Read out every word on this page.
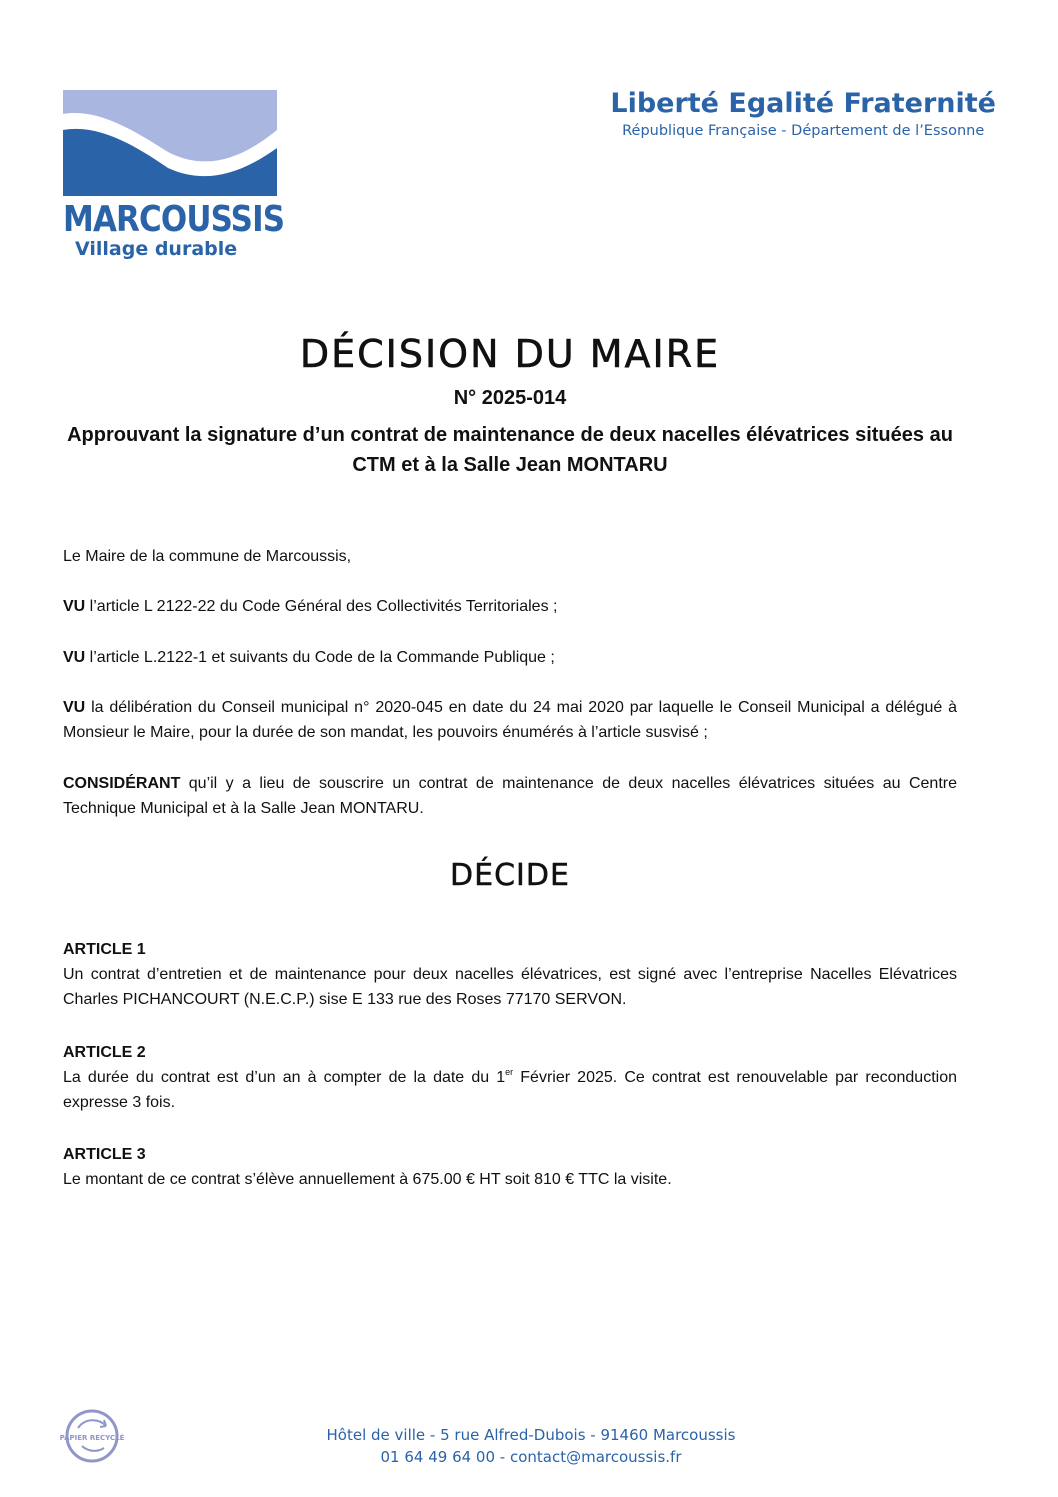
MARCOUSSIS
Village durable
Liberté Egalité Fraternité
République Française - Département de l’Essonne
DÉCISION DU MAIRE
N° 2025-014
Approuvant la signature d’un contrat de maintenance de deux nacelles élévatrices situées au CTM et à la Salle Jean MONTARU
Le Maire de la commune de Marcoussis,
VU l’article L 2122-22 du Code Général des Collectivités Territoriales ;
VU l’article L.2122-1 et suivants du Code de la Commande Publique ;
VU la délibération du Conseil municipal n° 2020-045 en date du 24 mai 2020 par laquelle le Conseil Municipal a délégué à Monsieur le Maire, pour la durée de son mandat, les pouvoirs énumérés à l’article susvisé ;
CONSIDÉRANT qu’il y a lieu de souscrire un contrat de maintenance de deux nacelles élévatrices situées au Centre Technique Municipal et à la Salle Jean MONTARU.
DÉCIDE
ARTICLE 1
Un contrat d’entretien et de maintenance pour deux nacelles élévatrices, est signé avec l’entreprise Nacelles Elévatrices Charles PICHANCOURT (N.E.C.P.) sise E 133 rue des Roses 77170 SERVON.
ARTICLE 2
La durée du contrat est d’un an à compter de la date du 1er Février 2025. Ce contrat est renouvelable par reconduction expresse 3 fois.
ARTICLE 3
Le montant de ce contrat s’élève annuellement à 675.00 € HT soit 810 € TTC la visite.
PAPIER RECYCLÉ	Hôtel de ville - 5 rue Alfred-Dubois - 91460 Marcoussis
01 64 49 64 00 - contact@marcoussis.fr
